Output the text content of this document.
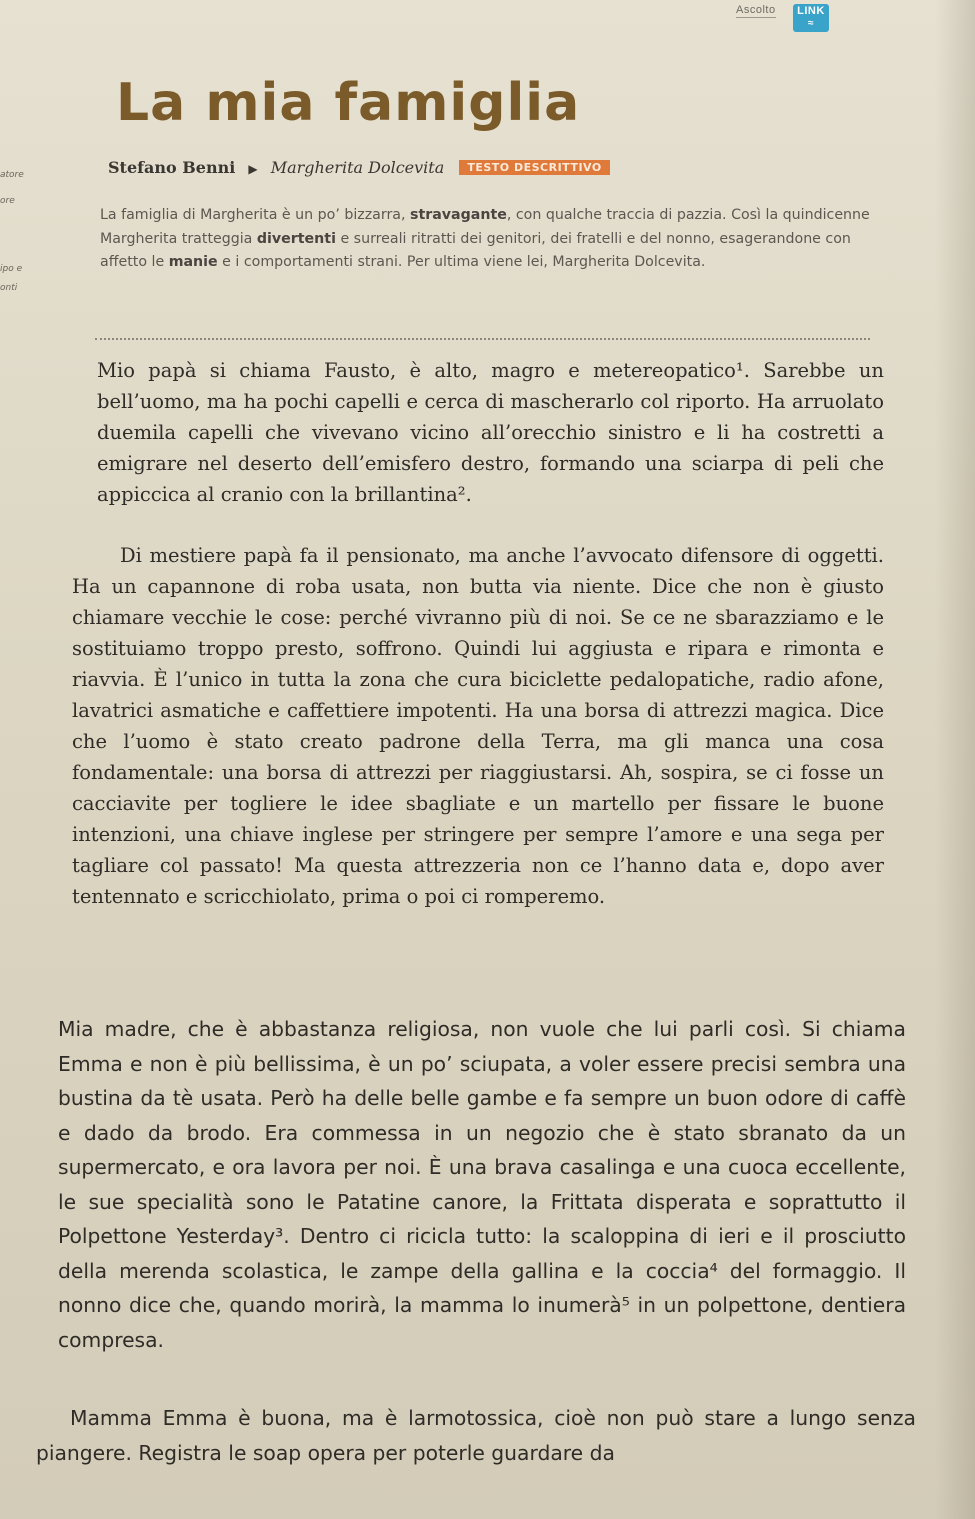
Ascolto	LINK
≈
La mia famiglia
Stefano Benni ▶ Margherita Dolcevita TESTO DESCRITTIVO
atore
ore
ipo e
onti

La famiglia di Margherita è un po’ bizzarra, stravagante, con qualche traccia di pazzia. Così la quindicenne Margherita tratteggia divertenti e surreali ritratti dei genitori, dei fratelli e del nonno, esagerandone con affetto le manie e i comportamenti strani. Per ultima viene lei, Margherita Dolcevita.

Mio papà si chiama Fausto, è alto, magro e metereopatico¹. Sarebbe un bell’uomo, ma ha pochi capelli e cerca di mascherarlo col riporto. Ha arruolato duemila capelli che vivevano vicino all’orecchio sinistro e li ha costretti a emigrare nel deserto dell’emisfero destro, formando una sciarpa di peli che appiccica al cranio con la brillantina².

Di mestiere papà fa il pensionato, ma anche l’avvocato difensore di oggetti. Ha un capannone di roba usata, non butta via niente. Dice che non è giusto chiamare vecchie le cose: perché vivranno più di noi. Se ce ne sbarazziamo e le sostituiamo troppo presto, soffrono. Quindi lui aggiusta e ripara e rimonta e riavvia. È l’unico in tutta la zona che cura biciclette pedalopatiche, radio afone, lavatrici asmatiche e caffettiere impotenti. Ha una borsa di attrezzi magica. Dice che l’uomo è stato creato padrone della Terra, ma gli manca una cosa fondamentale: una borsa di attrezzi per riaggiustarsi. Ah, sospira, se ci fosse un cacciavite per togliere le idee sbagliate e un martello per fissare le buone intenzioni, una chiave inglese per stringere per sempre l’amore e una sega per tagliare col passato! Ma questa attrezzeria non ce l’hanno data e, dopo aver tentennato e scricchiolato, prima o poi ci romperemo.

Mia madre, che è abbastanza religiosa, non vuole che lui parli così. Si chiama Emma e non è più bellissima, è un po’ sciupata, a voler essere precisi sembra una bustina da tè usata. Però ha delle belle gambe e fa sempre un buon odore di caffè e dado da brodo. Era commessa in un negozio che è stato sbranato da un supermercato, e ora lavora per noi. È una brava casalinga e una cuoca eccellente, le sue specialità sono le Patatine canore, la Frittata disperata e soprattutto il Polpettone Yesterday³. Dentro ci ricicla tutto: la scaloppina di ieri e il prosciutto della merenda scolastica, le zampe della gallina e la coccia⁴ del formaggio. Il nonno dice che, quando morirà, la mamma lo inumerà⁵ in un polpettone, dentiera compresa.

Mamma Emma è buona, ma è larmotossica, cioè non può stare a lungo senza piangere. Registra le soap opera per poterle guardare da
